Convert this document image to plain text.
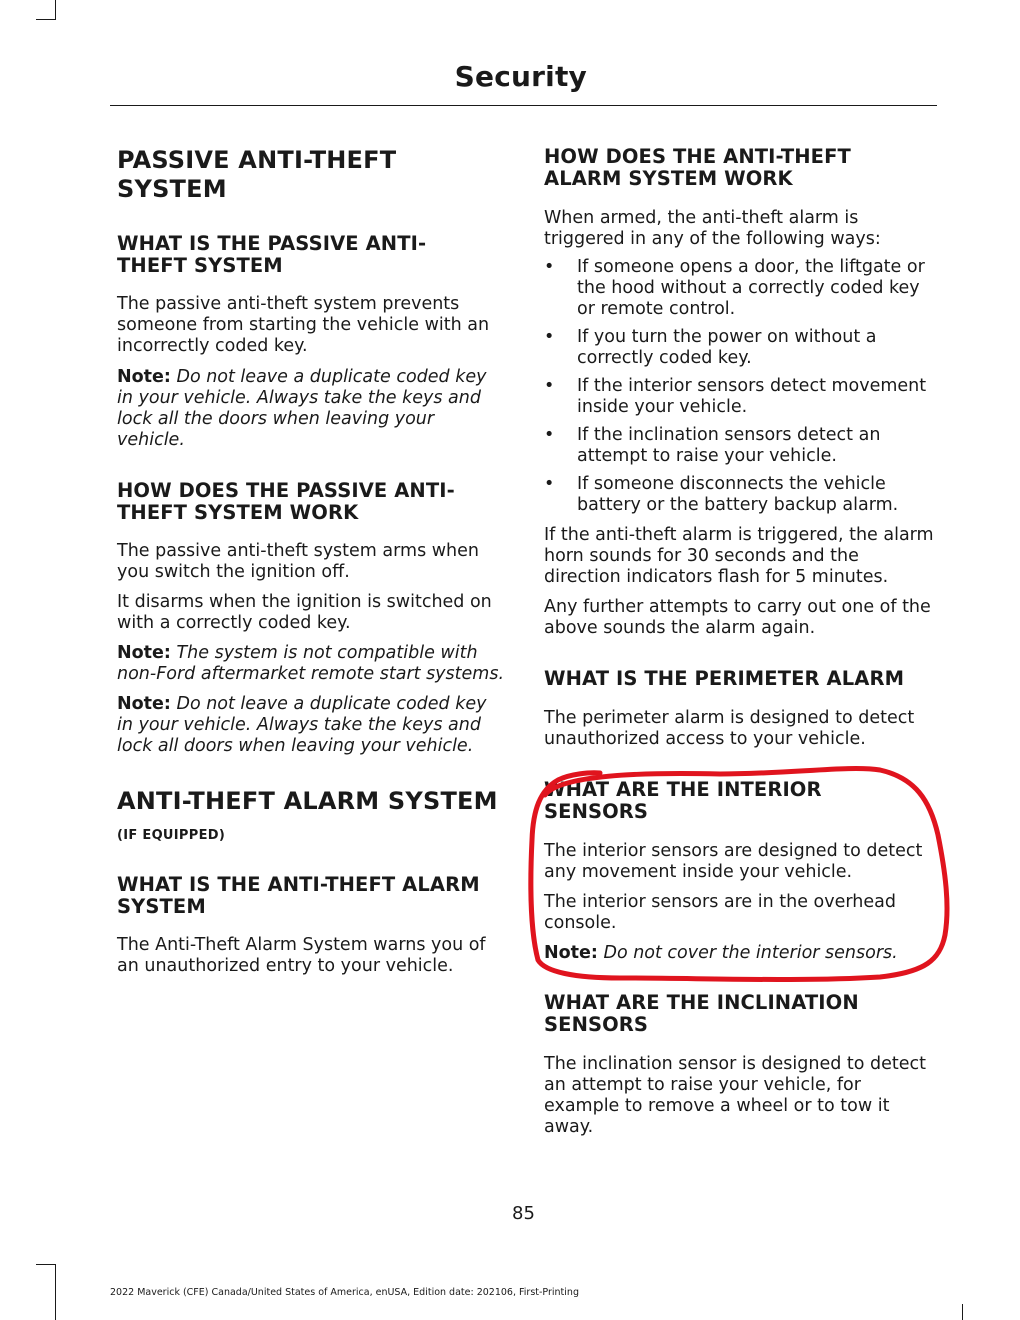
Security
PASSIVE ANTI-THEFT SYSTEM
WHAT IS THE PASSIVE ANTI-THEFT SYSTEM

The passive anti-theft system prevents someone from starting the vehicle with an incorrectly coded key.

Note: Do not leave a duplicate coded key in your vehicle. Always take the keys and lock all the doors when leaving your vehicle.

HOW DOES THE PASSIVE ANTI-THEFT SYSTEM WORK

The passive anti-theft system arms when you switch the ignition off.

It disarms when the ignition is switched on with a correctly coded key.

Note: The system is not compatible with non-Ford aftermarket remote start systems.

Note: Do not leave a duplicate coded key in your vehicle. Always take the keys and lock all doors when leaving your vehicle.

ANTI-THEFT ALARM SYSTEM

(IF EQUIPPED)

WHAT IS THE ANTI-THEFT ALARM SYSTEM

The Anti-Theft Alarm System warns you of an unauthorized entry to your vehicle.

HOW DOES THE ANTI-THEFT ALARM SYSTEM WORK

When armed, the anti-theft alarm is triggered in any of the following ways:

• If someone opens a door, the liftgate or the hood without a correctly coded key or remote control.
• If you turn the power on without a correctly coded key.
• If the interior sensors detect movement inside your vehicle.
• If the inclination sensors detect an attempt to raise your vehicle.
• If someone disconnects the vehicle battery or the battery backup alarm.

If the anti-theft alarm is triggered, the alarm horn sounds for 30 seconds and the direction indicators flash for 5 minutes.

Any further attempts to carry out one of the above sounds the alarm again.

WHAT IS THE PERIMETER ALARM

The perimeter alarm is designed to detect unauthorized access to your vehicle.

WHAT ARE THE INTERIOR SENSORS

The interior sensors are designed to detect any movement inside your vehicle.

The interior sensors are in the overhead console.

Note: Do not cover the interior sensors.

WHAT ARE THE INCLINATION SENSORS

The inclination sensor is designed to detect an attempt to raise your vehicle, for example to remove a wheel or to tow it away.

85
2022 Maverick (CFE) Canada/United States of America, enUSA, Edition date: 202106, First-Printing
